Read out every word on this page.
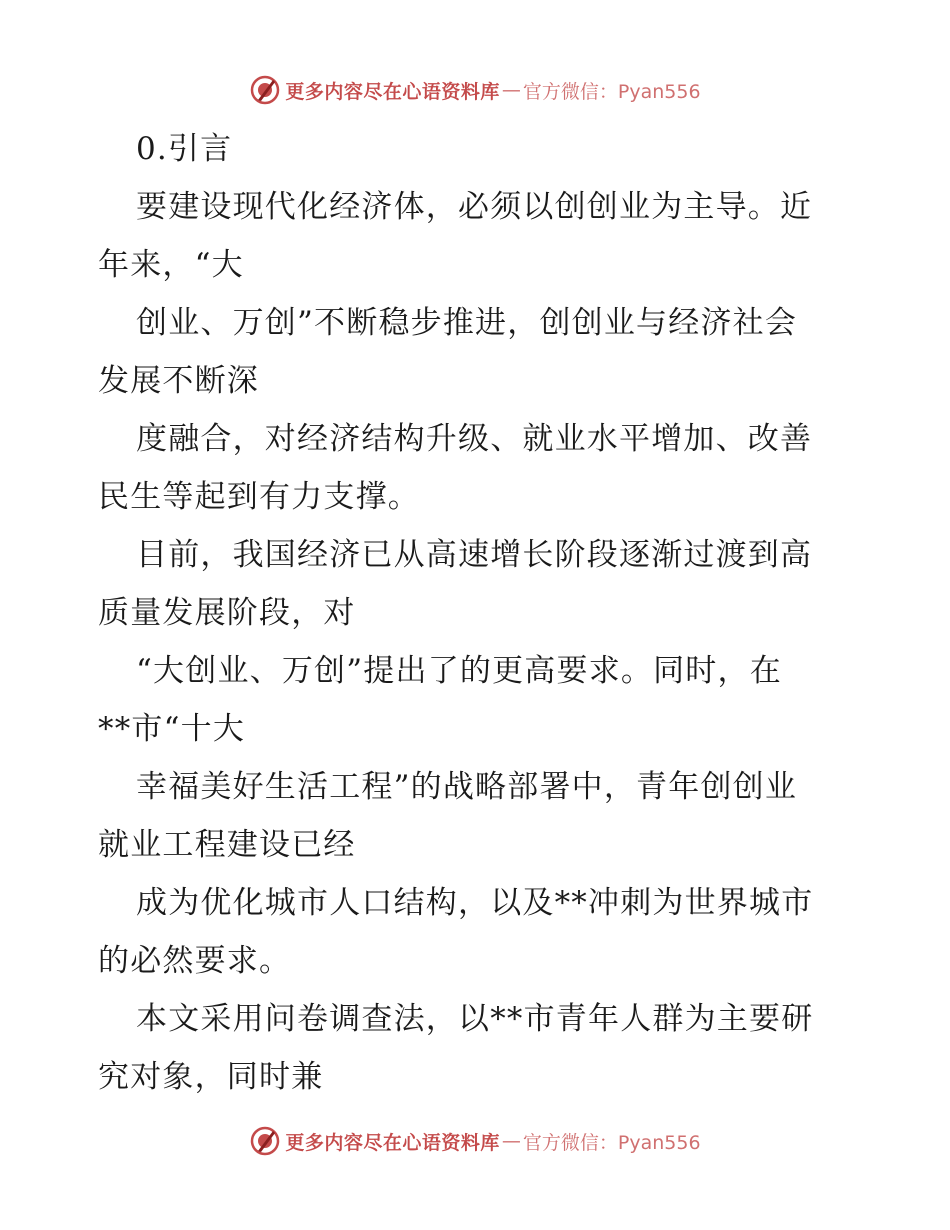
更多内容尽在心语资料库 — 官方微信：Pyan556
0.引言
要建设现代化经济体，必须以创创业为主导。近
年来，“大
创业、万创”不断稳步推进，创创业与经济社会
发展不断深
度融合，对经济结构升级、就业水平增加、改善
民生等起到有力支撑。
目前，我国经济已从高速增长阶段逐渐过渡到高
质量发展阶段，对
“大创业、万创”提出了的更高要求。同时，在
**市“十大
幸福美好生活工程”的战略部署中，青年创创业
就业工程建设已经
成为优化城市人口结构，以及**冲刺为世界城市
的必然要求。
本文采用问卷调查法，以**市青年人群为主要研
究对象，同时兼
更多内容尽在心语资料库 — 官方微信：Pyan556
